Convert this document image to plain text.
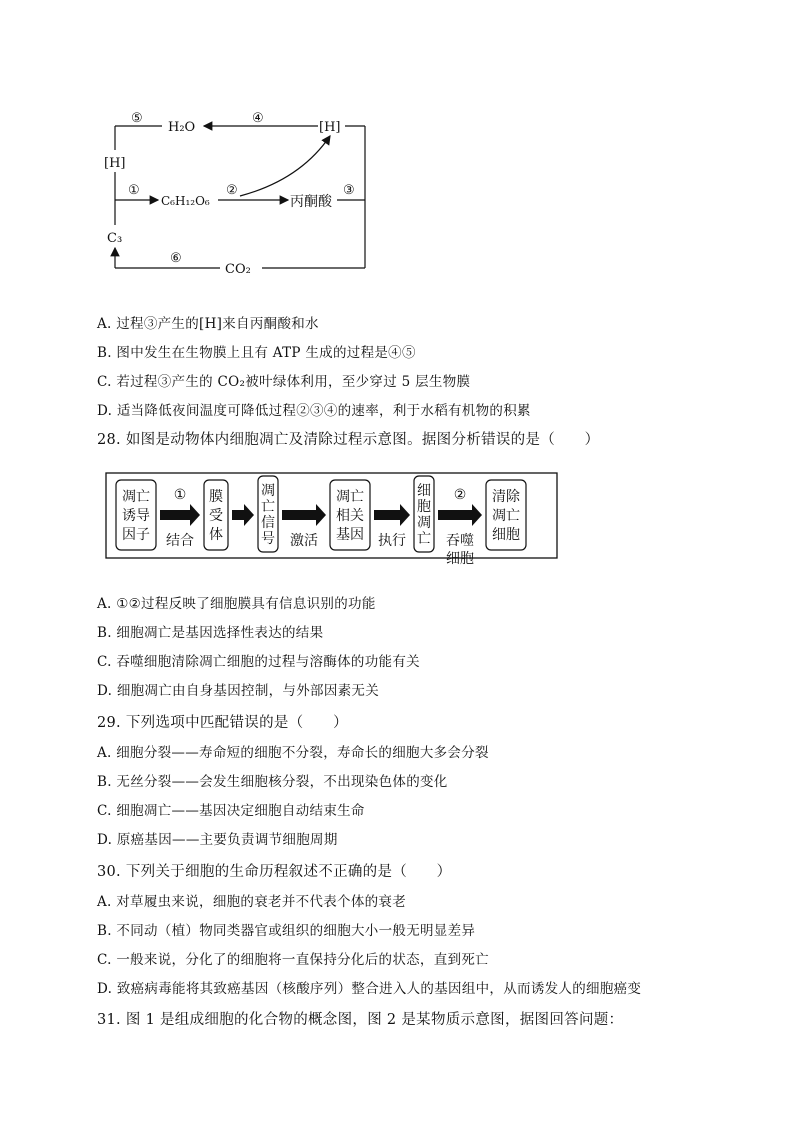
⑤
H₂O
④
[H]
[H]
①
C₆H₁₂O₆
②
丙酮酸
③
C₃
⑥
CO₂
凋亡
诱导
因子
膜
受
体
凋
亡
信
号
凋亡
相关
基因
细
胞
凋
亡
清除
凋亡
细胞
①
结合	激活	执行
②
吞噬
细胞
A. 过程③产生的[H]来自丙酮酸和水
B. 图中发生在生物膜上且有 ATP 生成的过程是④⑤
C. 若过程③产生的 CO₂被叶绿体利用，至少穿过 5 层生物膜
D. 适当降低夜间温度可降低过程②③④的速率，利于水稻有机物的积累
28. 如图是动物体内细胞凋亡及清除过程示意图。据图分析错误的是（　　）
A. ①②过程反映了细胞膜具有信息识别的功能
B. 细胞凋亡是基因选择性表达的结果
C. 吞噬细胞清除凋亡细胞的过程与溶酶体的功能有关
D. 细胞凋亡由自身基因控制，与外部因素无关
29. 下列选项中匹配错误的是（　　）
A. 细胞分裂——寿命短的细胞不分裂，寿命长的细胞大多会分裂
B. 无丝分裂——会发生细胞核分裂，不出现染色体的变化
C. 细胞凋亡——基因决定细胞自动结束生命
D. 原癌基因——主要负责调节细胞周期
30. 下列关于细胞的生命历程叙述不正确的是（　　）
A. 对草履虫来说，细胞的衰老并不代表个体的衰老
B. 不同动（植）物同类器官或组织的细胞大小一般无明显差异
C. 一般来说，分化了的细胞将一直保持分化后的状态，直到死亡
D. 致癌病毒能将其致癌基因（核酸序列）整合进入人的基因组中，从而诱发人的细胞癌变
31. 图 1 是组成细胞的化合物的概念图，图 2 是某物质示意图，据图回答问题：
